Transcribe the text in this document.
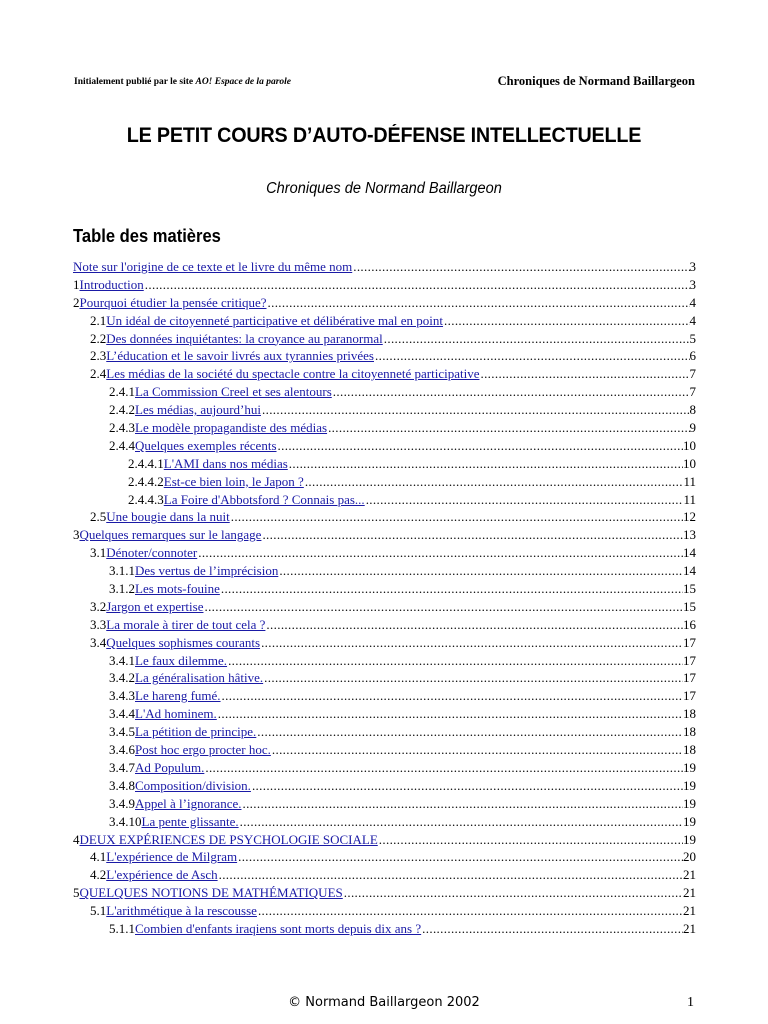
Initialement publié par le site AO! Espace de la parole	Chroniques de Normand Baillargeon
LE PETIT COURS D’AUTO-DÉFENSE INTELLECTUELLE
Chroniques de Normand Baillargeon
Table des matières
Note sur l'origine de ce texte et le livre du même nom .....	3
1 Introduction .....	3
2 Pourquoi étudier la pensée critique? .....	4
2.1 Un idéal de citoyenneté participative et délibérative mal en point .....	4
2.2 Des données inquiétantes: la croyance au paranormal .....	5
2.3 L’éducation et le savoir livrés aux tyrannies privées .....	6
2.4 Les médias de la société du spectacle contre la citoyenneté participative .....	7
2.4.1 La Commission Creel et ses alentours .....	7
2.4.2 Les médias, aujourd’hui .....	8
2.4.3 Le modèle propagandiste des médias .....	9
2.4.4 Quelques exemples récents .....	10
2.4.4.1 L'AMI dans nos médias .....	10
2.4.4.2 Est-ce bien loin, le Japon ? .....	11
2.4.4.3 La Foire d'Abbotsford ? Connais pas... .....	11
2.5 Une bougie dans la nuit .....	12
3 Quelques remarques sur le langage .....	13
3.1 Dénoter/connoter .....	14
3.1.1 Des vertus de l’imprécision .....	14
3.1.2 Les mots-fouine .....	15
3.2 Jargon et expertise .....	15
3.3 La morale à tirer de tout cela ? .....	16
3.4 Quelques sophismes courants .....	17
3.4.1 Le faux dilemme. .....	17
3.4.2 La généralisation hâtive. .....	17
3.4.3 Le hareng fumé. .....	17
3.4.4 L'Ad hominem. .....	18
3.4.5 La pétition de principe. .....	18
3.4.6 Post hoc ergo procter hoc. .....	18
3.4.7 Ad Populum. .....	19
3.4.8 Composition/division. .....	19
3.4.9 Appel à l’ignorance. .....	19
3.4.10 La pente glissante. .....	19
4 DEUX EXPÉRIENCES DE PSYCHOLOGIE SOCIALE .....	19
4.1 L'expérience de Milgram .....	20
4.2 L'expérience de Asch .....	21
5 QUELQUES NOTIONS DE MATHÉMATIQUES .....	21
5.1 L'arithmétique à la rescousse .....	21
5.1.1 Combien d'enfants iraqiens sont morts depuis dix ans ? .....	21
© Normand Baillargeon 2002	1
